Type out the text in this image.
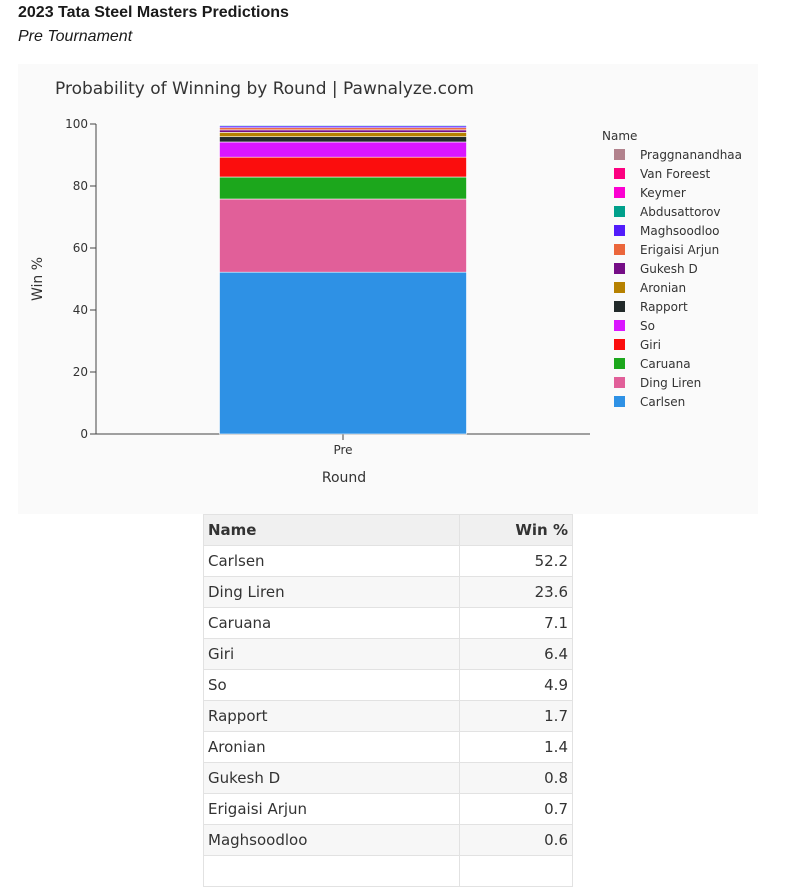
2023 Tata Steel Masters Predictions
Pre Tournament
Probability of Winning by Round | Pawnalyze.com
0
20
40
60
80
100
Pre
Round
Win %
Name
Praggnanandhaa
Van Foreest
Keymer
Abdusattorov
Maghsoodloo
Erigaisi Arjun
Gukesh D
Aronian
Rapport
So
Giri
Caruana
Ding Liren
Carlsen
Name	Win %
Carlsen	52.2
Ding Liren	23.6
Caruana	7.1
Giri	6.4
So	4.9
Rapport	1.7
Aronian	1.4
Gukesh D	0.8
Erigaisi Arjun	0.7
Maghsoodloo	0.6
